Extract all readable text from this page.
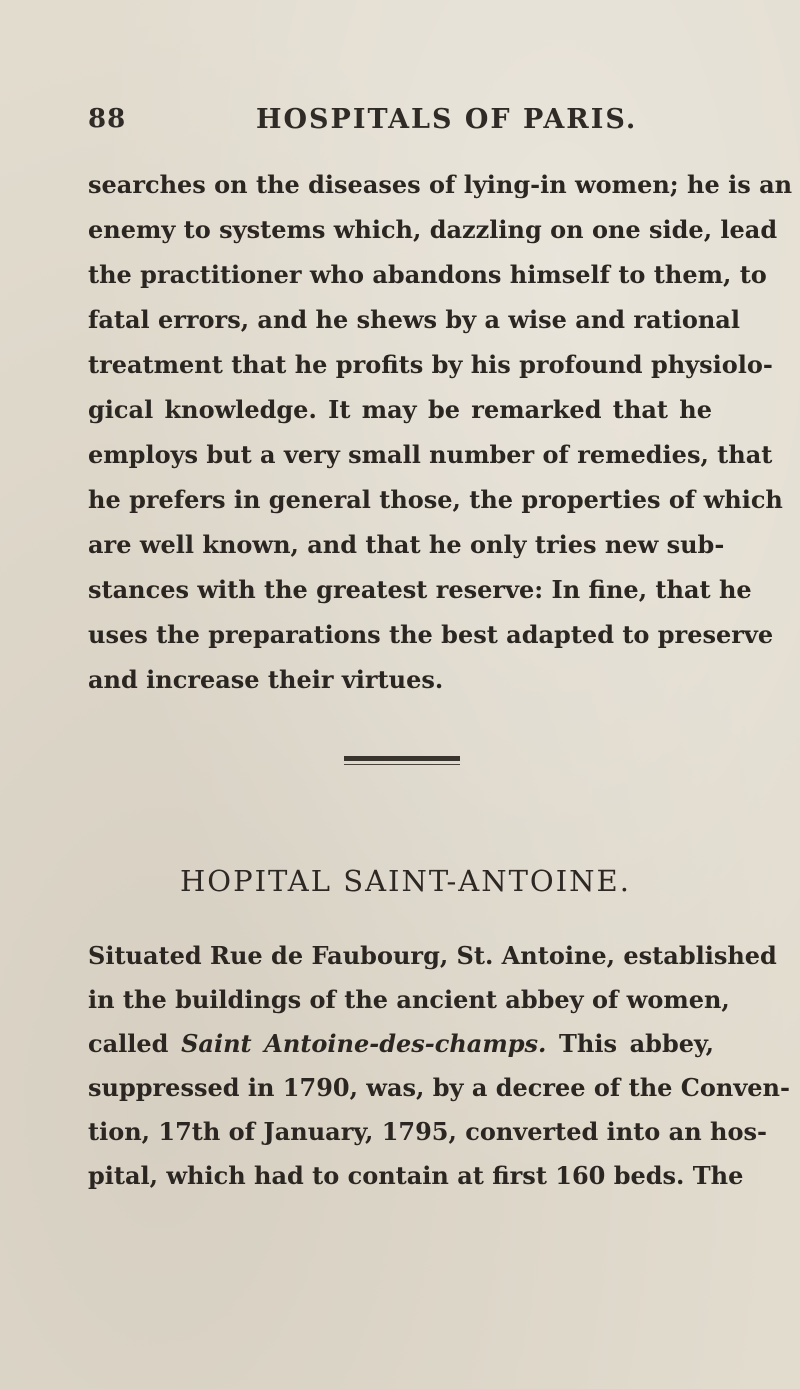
88	HOSPITALS OF PARIS.

searches on the diseases of lying-in women; he is an
enemy to systems which, dazzling on one side, lead
the practitioner who abandons himself to them, to
fatal errors, and he shews by a wise and rational
treatment that he profits by his profound physiolo-
gical knowledge. It may be remarked that he
employs but a very small number of remedies, that
he prefers in general those, the properties of which
are well known, and that he only tries new sub-
stances with the greatest reserve: In fine, that he
uses the preparations the best adapted to preserve
and increase their virtues.

HOPITAL SAINT-ANTOINE.

Situated Rue de Faubourg, St. Antoine, established
in the buildings of the ancient abbey of women,
called Saint Antoine-des-champs. This abbey,
suppressed in 1790, was, by a decree of the Conven-
tion, 17th of January, 1795, converted into an hos-
pital, which had to contain at first 160 beds. The
